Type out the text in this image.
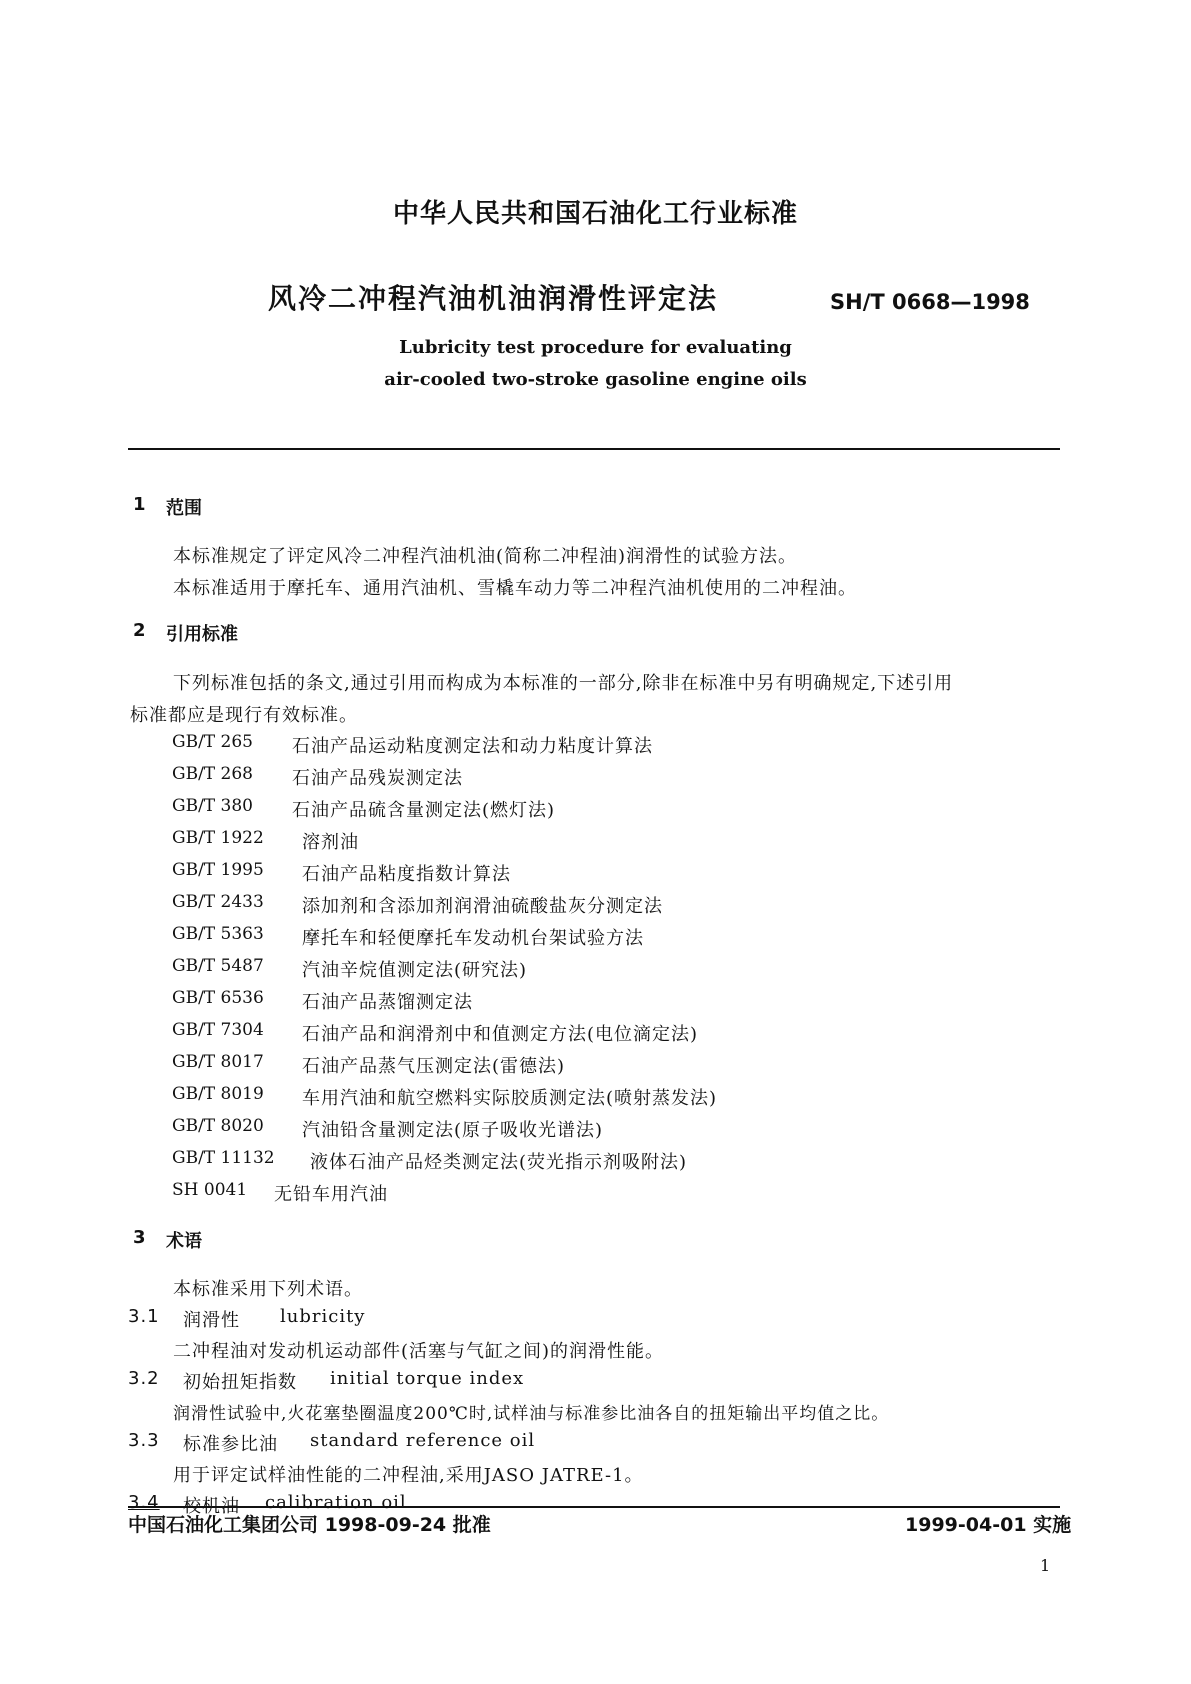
中华人民共和国石油化工行业标准
风冷二冲程汽油机油润滑性评定法	SH/T 0668—1998
Lubricity test procedure for evaluating
air-cooled two-stroke gasoline engine oils
1 范围
本标准规定了评定风冷二冲程汽油机油(简称二冲程油)润滑性的试验方法。
本标准适用于摩托车、通用汽油机、雪橇车动力等二冲程汽油机使用的二冲程油。
2 引用标准
下列标准包括的条文,通过引用而构成为本标准的一部分,除非在标准中另有明确规定,下述引用
标准都应是现行有效标准。
GB/T 265 石油产品运动粘度测定法和动力粘度计算法
GB/T 268 石油产品残炭测定法
GB/T 380 石油产品硫含量测定法(燃灯法)
GB/T 1922 溶剂油
GB/T 1995 石油产品粘度指数计算法
GB/T 2433 添加剂和含添加剂润滑油硫酸盐灰分测定法
GB/T 5363 摩托车和轻便摩托车发动机台架试验方法
GB/T 5487 汽油辛烷值测定法(研究法)
GB/T 6536 石油产品蒸馏测定法
GB/T 7304 石油产品和润滑剂中和值测定方法(电位滴定法)
GB/T 8017 石油产品蒸气压测定法(雷德法)
GB/T 8019 车用汽油和航空燃料实际胶质测定法(喷射蒸发法)
GB/T 8020 汽油铅含量测定法(原子吸收光谱法)
GB/T 11132 液体石油产品烃类测定法(荧光指示剂吸附法)
SH 0041 无铅车用汽油
3 术语
本标准采用下列术语。
3.1 润滑性 lubricity
二冲程油对发动机运动部件(活塞与气缸之间)的润滑性能。
3.2 初始扭矩指数 initial torque index
润滑性试验中,火花塞垫圈温度200℃时,试样油与标准参比油各自的扭矩输出平均值之比。
3.3 标准参比油 standard reference oil
用于评定试样油性能的二冲程油,采用JASO JATRE-1。
3.4 校机油 calibration oil
中国石油化工集团公司 1998-09-24 批准	1999-04-01 实施
1
